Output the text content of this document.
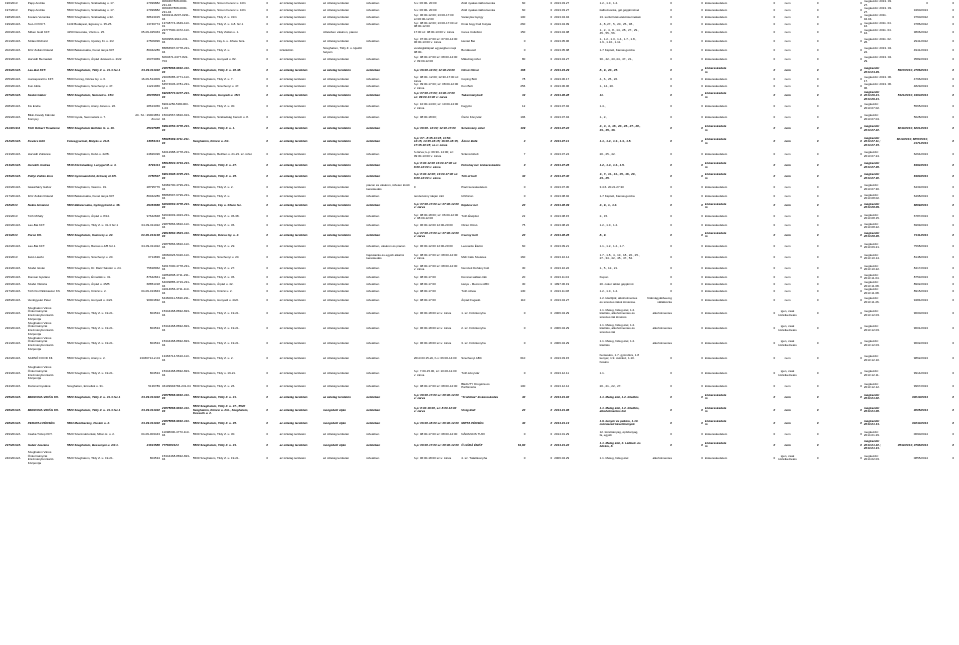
196/2013	Papp András	5500 Szeghalom, Szabadság u. 17.	27999882	0060467808-0000-231-04	5500 Szeghalom, Simon Ferenc u. 10/1	0	az üzletág területén	az üzletág területén	üzletében	h-v: 06:00- 20:00	Zöld nyakas italbozsonka	60	0	2013.03.27	1.2., 1.3., 1.4.	0	0	kiskereskedelem	0	nem	0	0	megkezdő: 2013. 03. 27.	0	0
197/2013	Papp András	5500 Szeghalom, Szabadság u. 17.	27999882	0060467808-0000-231-04	5500 Szeghalom, Simon Ferenc u. 10/1	0	az üzletág területén	az üzletág területén	üzletében	h-v: 06:00- 20:00	Zöld nyakas italbozsonka	60	0	2013.03.27	italbozsonka, gél gépjárművel	0	0	kiskereskedelem	0	nem	0	0	megkezdő: 2013. 03. 27.	3460/2013	0
198/2013/A	Kovács Veronika	5500 Szeghalom, Szabadság u.32.	68613015	6460211-8207-0231-04	5500 Szeghalom, Tildy Z. u. 31/1	0	az üzletág területén	az üzletág területén	üzletében	h-p: 06:00-12:00; 13:00-17:00 sz:06:00-12:00	Varanyka Gyógy	100	0	2013.04.04	13. soritól kisk.elektrotermékek	0	0	kiskereskedelem	0	nem	0	0	megkezdő: 2011. 04.04.	3760/2012	0
199/2013/A	Su-Li Df KFT.	1149 Budapest, Egressy u. 35-25.	13746774	13748774-4649-113-01	5500 Szeghalom, Tildy Z. u. 4-8. fsz.1	0	az üzletág területén	az üzletág területén	üzletében	h-p: 08:00-12:00; 13:00-17:00 sz: 08:00-12:00	Kínai bogy Fali Kutyás	260	0	2013.04.09	4., 8.,27., 5., 20., 25., 38.,	0	0	kiskereskedelem	0	nem	0	0	megkezdő: 2011. 04. 16.	3786/2012	0
200/2013/A	Silben Gold KFT.	4150 Derecske, Vörös u. 25.	05-09-025463	23777500-4472-113-09	5500 Szeghalom, Tildy Zoltán u. 1.	0	az üzletág területén	üzletében vásáron, piacon		17:00 sz: 08:00-13:00 v: zárva	Ceres Csiléfúró	150	0	2013.04.08	1., 2., 4., 8., 14., 28., 27., 29., 45., 55., 56.	0	0	kiskereskedelem	0	nem	0	0	megkezdő: 2011. 04. 16.	3806/2012	0
201/2013/A	Szilasi Richárd	5500 Szeghalom, Ujvéley Kt. u. 2/2	27509996	6060956-9910-231-04	5500 Szeghalom, Fáy A. u. 4/face fsza.	0	az üzletág területén	az üzletág területén	üzletében	h-p: 07:00-17:00 sz: 07:00-14:00 06:00-13:00 v: zárva	Hentel Bei	0	0	2013.05.06	1., 1.2., 1.3., 1.4., 1.7., 1.8., 1.9., 1.10., 1.11.	0	0	kiskereskedelem	0	nem	0	0	megkezdő: 2011. 02. 26.	2941/2012	0
202/2013/A	Fritz Zoltán Roland	5600 Békéscsaba, Kunel tanya 607	86042286	85866597-6778-231-04	5500 Szeghalom, Tildy Z. u.	0	üzletkötőn	Szeghalom, Tildy Z. u. kijelölt helyein		vendéglátóipari egységben napi 08:00-	Bordásuszi	0	0	2013.05.08	1-7 Képtelt, Kamat-gomba	0	0	kiskereskedelem	0	nem	0	0	megkezdő: 2013. 04. 22.	4941/2013	0
203/2013/A	Horváth Bernadett	5520 Szeghalom, Árpád Jutavaró u. 2/22	26373069	6064671-0477-822-704	5500 Szeghalom, Hunyadi u. 82.	0	az üzletág területén	az üzletág területén	üzletében	h-p: 08:00-17:00 sz: 08:00-14:00 v: 09:00-12:00	Mákvirág üzlet	80	0	2013.04.27	30., 42., 43.,44., 47., 21.,	0	0	kiskereskedelem	0	nem	0	0	megkezdő: 2013. 04. 29.	3582/2013	0
204/2013/A	Lau-Bat KFT.	5520 Szeghalom, Tildy Z. u. 31-3 fsz.1	04-09-011022	23875866-9810-113-04	5500 Szeghalom, Tildy Z. u. 36-38.	0	az üzletág területén	az üzletág területén	üzletében	h-p: 06:00-12:00; 12:00-20:00	Olcsó Olcsó	166	0	2013.04.29	8., 9., 20., 25.	0	0	kiskereskedelem	0	nem	0	0	megkezdő: 2013.04.29.	5907/2013; 2786/2013	0
205/2013/A	marcaporal.hu KFT.	5500 Korcsg, Dózsa Gy. u. 6.	16-09-514009	23045085-4771-113-16	5500 Szeghalom, Tildy Z. u. 7.	0	az üzletág területén	az üzletág területén	üzletében	h-p: 08:00- 12:00; 12:30-17:00 sz: zárva	Coping Bolt	78	0	2013.06.17	4., 6., 25., 26.	0	0	kiskereskedelem	0	nem	0	0	megkezdő: 2013. 06. 17.	4796/2013	0
206/2013/A	Kun Attila	5500 Szeghalom, Szechenyi u. 47.	11221966	64574636-4781-231-04	5500 Szeghalom, Szechenyi u. 47.	0	az üzletág területén	az üzletág területén	üzletében	h-p: 09:00-17:00; sz: 08:00-12:00 v: zárva	Kun Bolt	256	0	2013.06.06	1., 14., 20.	0	0	kiskereskedelem	0	nem	0	0	megkezdő: 2013. 06. 06.	4829/2013	0
207/2013/A	Szabó Gábor	5520 Szeghalom, Nemzeti u. 15/1	26079504	69206774-9477-231-04	5500 Szeghalom, Hunyadi u. 15/1	0	az üzletág területén	az üzletág területén	üzletében	h-p: 07:00-17:00; 14:00-17:00 sz: 09:00-13:00 v: zárva	Takarmánybolt	33	0	2013.06.28	11.	0	0	kiskereskedelem	0	nem	0	0	megkezdő: 2013.06.21. 2013.06.21.	5421/2013; 1963/2014	0
208/2013/A	Kis Endre	5500 Szeghalom, Arany János u. 26.	28613366	69011256-5361003-1-04	5500 Szeghalom, Tildy Z. u. 30.	0	az üzletág területén	az üzletág területén	üzletében	h-p: 10:00-14:00; sz: 10:00-14:00 v: zárva	Fagyizó	12	0	2013.07.02	1.4.,	0	0	kiskereskedelem	0	nem	0	0	megkezdő: 2013.07.02.	5565/2013	0
209/2013/A	Bikin-Favaly Kálmán Kornyey	5700 Gyula, Semmelwis u. 7.	Ah. Sz.: 29901854 Zrumz	15042567-9810-913-04	5500 Szeghalom, Szabadság Kanszt u. 8.	0	az üzletág területén	az üzletág területén	üzletében	h-p: 08:00-18:00;	Öszió Könyvtár	196	0	2013.07.04	1., 2.,	0	0	kiskereskedelem	0	nem	0	0	megkezdő: 2013.07.04.	5628/2013	0
211/2013/A	Tóth Róbert Tivadarné	5500 Szeghalom Bethlen G. u. 16.	25037885	69912054-4778-231-04	5500 Szeghalom, Tildy Z. u. 1.	0	az üzletág területén	az üzletág területén	üzletében	h-p: 08:00- 12:00; 12:30-17:00	Szivárvány üzlet	109	0	2013.07.22	2., 3., 4., 18., 20., 26., 27., 28., 43., 45., 46.	0	0	kiskereskedelem	0	nem	0	0	megkezdő: 2013.07.22.	6044/2013; 6201/2013	0
212/2013/A	Kovács Edit	Füzesgyarmat, Malyás u. 21/A	16654114	55905389-4711-231-04	Szeghalom, Kinizsi u. 2/1.	0	az üzletág területén	az üzletág területén	üzletében	h-p: 07:- 8:45-13:15, 11:50-12:15, 13:45-16:15; 16:00-18:15, 17:45-18:15; sz-v: zárva	Álomr Büfé	4	0	2013.07.11	1.1., 1.2., 1.3., 1.4., 1.5.	0	0	kiskereskedelem	0	nem	0	0	megkezdő: 2013.07.11.; 2013.07.15.	6013/2013; 6857/2013; 4171/2013	0
213/2013/A	Horváth Zoltánné	5500 Szeghalom, Dobó u. 22/B.	24826496	64012988-4778-231-04	5500 Szeghalom, Bethlen u. 21-23. sz. üzlet	0	az üzletág területén	az üzletág területén	üzletében	h-zárva; k-p: 09:30- 14:00; sz: 09:30-13:00 v: zárva	Számszóbolt	7	0	2013.07.24	20., 25., 42.	0	0	kiskereskedelem	0	nem	0	0	megkezdő: 2013.07.24.	6264/2013	0
214/2013/A	Horváth Andrea	5518 Kőrösladány, Lenygel M. u. 4.	6793114	65618803-4719-231-04	5500 Szeghalom, Tildy Z. u. 27.	0	az üzletág területén	az üzletág területén	üzletében	h-p: 8:00-12:00 14:00-17:00 sz: 8:00-12:00 v: zárva	Petruhaj üzl. kiskereskedés	0	0	2013.07.26	1.2., 1.3., 1.4., 1.5.	0	0	kiskereskedelem	0	nem	0	0	megkezdő: 2013.07.26.	6362/2013	0
215/2013/A	Püttyi Zoltán Imre	5500 Gyomaendrőd, Erőszaj út 4/5.	0750547	69014908-4725-231-04	5500 Szeghalom, Tildy Z. u. 35.	0	az üzletág területén	az üzletág területén	üzletében	h-p: 8:00-12:00; 13:00-17:00 sz: 8:00-12:00 v: zárva	Tóti ül bolt	30	0	2013.07.30	3., 7., 11., 14., 15., 18., 20., 24., 25.	0	0	kiskereskedelem	0	nem	0	0	megkezdő: 2013.07.30.	6380/2013	0
216/2013/A	Gásárházy Gábor	5500 Szeghalom, Vasút u. 19.	28795776	64982700-4799-231-04	5500 Szeghalom, Tildy Z. u. 2.	0	az üzletág területén	az üzletág területén	piacon és vásáron, üzleten kívüli kereskedés	0	Piaci kereskedelem	0	0	2013.07.30	3.4.6. 20.21.27.30	0	0	kiskereskedelem	0	nem	0	0	megkezdő: 2013.07.30.	6433/2013	0
217/2013/A	Fritz Zoltán Roland	5600 Békéscsaba, Kunel tanya 607	86042286	85866597-6799-231-04	5500 Szeghalom, Tildy Z. u.	0	az üzletág területén	az üzletág területén	üzletében	rendezvény idején zárt	Ichthicon	0	0	2013.08.02	1-7 Képtelt, Kamat-gomba	0	0	kiskereskedelem	0	nem	0	0	megkezdő: 2013.08.02.	6498/2013	0
218/2013	Nokia Istvánné	5600 Békéscsaba, Gyöngyösöd u. 46.	29464666	62000083-4778-231-04	5500 Szeghalom, Fáy u. 4/face fsz.	0	az üzletág területén	az üzletág területén	üzletében	h-p: 07:00-17:00 sz: 07:00-12:00 v: zárva	Ibiplusz üzl.	20	0	2013.08.09	2., 9., 1., 1.4.	0	0	kiskereskedelem	0	nem	0	0	megkezdő: 2013.08.09.	6669/2013	0
219/2013	Tóth Mihály	5500 Szeghalom, Árpád u. 8/12.	97642848	62643003-4023-231-04	5500 Szeghalom, Tildy Z. u. 36-38.	0	az üzletág területén	az üzletág területén	üzletében	h-p: 08:00-18:00; sz: 06:00-12:00 v: 08:00-12:00	Tóth Ételpilot	22	0	2013.08.15	2., 15.	0	0	kiskereskedelem	0	nem	0	0	megkezdő: 2013.08.15.	6787/2013	0
220/2013/A	Lau-Bat KFT.	5500 Szeghalom, Tildy Z. u. 31-3 fsz.1	04-09-011022	23875866-9810-113-04	5500 Szeghalom, Tildy Z. u. 36.	0	az üzletág területén	az üzletág területén	üzletében	h-p: 06:00-12:00 12:00-20:00	Olcsó Olcsó	75	0	2013.08.22	1.2., 1.3., 1.4.	0	0	kiskereskedelem	0	nem	0	0	megkezdő: 2013.08.22.	6999/2013	0
221/2013	Poroz Kft.	5520 Szeghalom, Kazinczy u. 22.	04-09-014148	29616882-4523-113-04	5500 Szeghalom, Dózsa Gy. u. 2.	0	az üzletág területén	az üzletág területén	üzletében	h-p: 07:00-17:00 sz: 07:00-12:00 v: zárva	Cserny bolt	20	0	2013.08.26	8., 9.	0	0	kiskereskedelem	0	nem	0	0	megkezdő: 2013.08.26.	7141/2013	0
222/2013/A	Lau-Bat KFT.	5500 Szeghalom, Baross u.4/B fsz.1	04-09-011022	23875866-9810-113-04	5500 Szeghalom, Tildy Z. u. 29.	0	az üzletág területén	az üzletág területén	üzletében, vásáron és piacon	h-p: 06:00-12:00 12:00-20:00	Leonardo Élelmi	60	0	2013.09.21	1.1., 1.2., 1.4., 1.7.	0	0	kiskereskedelem	0	nem	0	0	megkezdő: 2013.09.21.	7568/2013	0
223/2013	Fekó László	5500 Szeghalom, Szechenyi u. 20.	0714836	46660026-5420-113-04	5500 Szeghalom, Szechenyi u. 20.	0	az üzletág területén	az üzletág területén	hajóutazás és egyéb alkalmi kereskedés	h-p: 08:00-17:00 sz: 08:00-12:00 v: zárva	Midi Cafe Szeletes	160	0	2013.10.14	1.7., 1.8., 4., 13., 18., 20., 25., 27., 34., 42., 45., 47., 52.	0	0	kiskereskedelem	0	nem	0	0	megkezdő: 2013.10.14.	8148/2013	0
224/2013/A	Szabó István	5500 Szeghalom, Dr. Rácz Sándor u. 24.	75818962	62617000-4778-231-04	5500 Szeghalom, Tildy Z. u. 27.	0	az üzletág területén	az üzletág területén	üzletében	h-p: 08:00-17:00 sz: 08:00-12:00 v: zárva	Nemzeti Dohány bolt	30	0	2013.10.22	1., 5., 12., 21.	0	0	kiskereskedelem	0	nem	0	0	megkezdő: 2013.10.22.	8417/2013	0
225/2013/A	Domsai Gyuláné	5500 Szeghalom, Érmellék u. 31.	87642841	42862808-4711-231-04	5500 Szeghalom, Tildy Z. u. 36.	0	az üzletág területén	az üzletág területén	üzletében	h-p: 08:00-17:00	Domnai sallási cikk	20	0	2013.11.04	Kupon	0	0	kiskereskedelem	0	nem	0	0	megkezdő: 2013.11.04.	8753/2013	0
226/2013/A	Szabó Viktória	5500 Szeghalom, Árpád u. 45/B	68851318	64009885-4719-231-04	5500 Szeghalom, Árpád u. 42.	0	az üzletág területén	az üzletág területén	üzletében	h-p: 08:00-17:00	Hetye - Mezonu ABC	30	0	1997.06.19	20. cukor tablet gépjármű	0	0	kiskereskedelem	0	nem	0	0	megkezdő: 2013.11.08.	8902/2013	0
227/2013/A	Tóth Kis Pálinkaszer Kft.	5520 Szeghalom, Kinizsi u. 2.	04-09-013843	42014656-4711-113-04	5500 Szeghalom, Kinizsi u. 2.	0	az üzletág területén	az üzletág területén	üzletében	h-p: 08:00-17:00	Tóth üzlete	130	0	2013.11.08	1.2., 1.3., 1.4.	0	0	kiskereskedelem	0	nem	0	0	megkezdő: 2013.11.08.	8915/2013	0
228/2013/A	Venkigyelet Péter	5520 Szeghalom, Hunyadi u. 44/2.	90901832	64460011-5630-231-04	5500 Szeghalom, Hunyadi u. 44/2.	0	az üzletág területén	az üzletág területén	üzletében	h-p: 08:00-17:00	Árpád Fogadó	110	0	2013.04.27	1.2. kitelítjük; alkoholmentes és szeszes italok kimérése	fôtárvágyákbeemg vállalkozás	0	kiskereskedelem	0	nem	0	0	megkezdő: 2013.11.26.	9484/2013	0
229/2013/A	Szeghalom Város Önkormányzat Intézményfenntartó Központja	5520 Szeghalom, Tildy Z. u. 19-21.	804534	15344468-8832-823-04	5500 Szeghalom, Tildy Z. u. 19-21.	0	az üzletág területén	az üzletág területén	üzletében	h-p: 06:00-18:00 sz-v: zárva	1. sz. Főzőkonyha	0	0	2006.04.29	1.1. Meleg, hideg étel, 1.2. kitelítés, alkoholmentes és szeszes ital kimérés	alkoholmentes	0	kiskereskedelem	0	igen, csak közétkeztetés	0	0	megkezdő: 2013.12.03.	9600/2013	0
230/2013/A	Szeghalom Város Önkormányzat Intézményfenntartó Központja	5520 Szeghalom, Tildy Z. u. 19-21.	804534	15344468-8832-823-04	5500 Szeghalom, Tildy Z. u. 19-21.	0	az üzletág területén	az üzletág területén	üzletében	h-p: 06:00-18:00 sz-v: zárva	2. sz. Főzőkonyha	0	0	2006.04.29	1.1. Meleg, hideg étel, 1.2. kitelítés, alkoholmentes és szeszes ital	alkoholmentes	0	kiskereskedelem	0	igen, csak közétkeztetés	0	0	megkezdő: 2013.12.03.	9601/2013	0
231/2013/A	Szeghalom Város Önkormányzat Intézményfenntartó Központja	5520 Szeghalom, Tildy Z. u. 19-21.	804534	15344468-8832-823-04	5500 Szeghalom, Tildy Z. u. 19-21.	0	az üzletág területén	az üzletág területén	üzletében	h-p: 06:00-18:00 sz-v: zárva	3. sz. Főzőkonyha	0	0	2006.04.29	1.1. Meleg, hideg étel, 1.2. kitelítés	alkoholmentes	0	kiskereskedelem	0	igen, csak közétkeztetés	0	0	megkezdő: 2013.12.03.	9602/2013	0
232/2013/A	SARNÓ FOOD Kft.	5500 Szeghalom, Arany u. 2.	13466714-2-04	13466714-5610-113-04	5500 Szeghalom, Tildy Z. u. 2.	0	az üzletág területén	az üzletág területén	üzletében	2013.03.15-től, h-v: 06:00-14:00	Szechenyi ABC	610	0	2013.03.15	hentesáru, 1.7. gyümölcs, 1.8 kenyér, 1.9. cukrász, 1.10. húsáru	0	0	kiskereskedelem	0	nem	0	0	megkezdő: 2013.12.10.	9862/2013	0
233/2013/A	Szeghalom Város Önkormányzat Intézményfenntartó Központja	5520 Szeghalom, Tildy Z. u. 19-21.	804534	15344468-8832-823-04	5500 Szeghalom, Tildy u. 19-21.	0	az üzletág területén	az üzletág területén	üzletében	h-p: 7.00-15.00, sz: 10.00-12.00 v: zárva	Tóth könyvtár	0	0	2013.12.11	1.1.	0	0	kiskereskedelem	0	igen, csak közétkeztetés	0	0	megkezdő: 2013.12.11.	9914/2013	0
234/2013/A	Dozsnai Gyuláné	Szeghalom, Ermellék u. 31.	5136789	46109994784-231-04	5500 Szeghalom, Tildy Z. u. 26.	0	az üzletág területén	az üzletág területén	üzletében	h-p: 08:00-17:00 sz: 08:00-12:00	BEAUTY Drogéria és Parfüméria	100	0	2013.12.12	20., 21., 22., 27.	0	0	kiskereskedelem	0	nem	0	0	megkezdő: 2013.12.12.	9967/2013	0
235/2014/A	MEDICINA-VIRÁG Kft.	5520 Szeghalom, Tildy Z. u. 31-3 fsz.1	04-09-011022	23875866-9810-113-04	5500 Szeghalom, Tildy Z. u. 31.	0	az üzletág területén	az üzletág területén	üzletében	h-p: 08:00-17:00 sz: 08:00-12:00 v: zárva	"Frohbláe" kiskereskedés	40	0	2014.01.02	1.1. Meleg étel, 1.2. kitelítés	0	0	kiskereskedelem	0	nem	0	0	megkezdő: 2014.01.02.	00010/2014	0
236/2014/A	MEDICINA-VIRÁG Kft.	5520 Szeghalom, Tildy Z. u. 31-3 fsz.1	04-09-011022	23875866-9810-113-04	5500 Szeghalom, Tildy Z. u. 37., 5520 Szeghalom, Kinizsi u. 2/A., Szeghalom, Kossuth u. 2.	0	az üzletág területén	mozgóbolt útján	üzletében	h-p: 8:00-18:00, sz: 8:00-12:00 v: zárva	Virág Bolt	20	0	2014.01.06	1.1. Meleg étel, 1.2. kitelítés, alkoholmentes ital	0	0	kiskereskedelem	0	nem	0	0	megkezdő: 2014.01.06.	0005/2014	0
238/2014/A	PERATAJ-PÉKSÉG	5694 Mezőberény, Puskin u. 2.	04-09-011022	23875866-9810-113-04	5500 Szeghalom, Tildy Z. u. 35.	0	az üzletág területén	mozgóbolt útján	üzletében	h-p: 06:00-18:00 sz: 06:00-12:00	MIPTA PÉKSÉG	40	0	2014.01.13	1.9. kenyér és pékáru, 1.10. cukrászati készítmények	0	0	kiskereskedelem	0	nem	0	0	megkezdő: 2014.01.13.	00234/2014	0
239/2014/A	Csaba Tüzép KFT.	5520 Szentmártonkát, Milon H. u. 2.	04-09-003443	11098300-4773-113-04	5500 Szeghalom, Tildy Z. u. 30.	0	az üzletág területén	az üzletág területén	üzletében	h-p: 08:00-17:00 sz: 08:00-12:00	NÁRANCIS TURI	0	0	2014.01.29	12. tüzelőanyag, építőanyag, fa, egyéb	0	0	kiskereskedelem	0	nem	0	0	megkezdő: 2014.01.29.	0690/2014	0
237/2014/A	Gabol Juszéna	5520 Szeghalom, Bessenyei u. 2/2.1.	21831586	7778000124	5500 Szeghalom, Tildy Z. u. 33.	0	az üzletág területén	mozgóbolt útján	üzletében	h-p: 08:00-17:00 sz: 08:00-12:00	Ő HÁRÁ ÉMÁT	61,80	0	2014.01.22	1.1. Meleg étel, 4. Lábbeli- és bőráru, 8.	0	0	kiskereskedelem	0	nem	0	0	megkezdő: 2014.01.22.; 2014.01.31.	0532/2014; 0798/2014	0
240/2014/A	Szeghalom Város Önkormányzat Intézményfenntartó Központja	5520 Szeghalom, Tildy Z. u. 19-21.	804534	15344468-8832-823-04	5500 Szeghalom, Tildy Z. u. 19-21.	0	az üzletág területén	az üzletág területén	üzletében	h-p: 06:00-18:00 sz-v: zárva	4. sz. Tálalókonyha	0	0	2006.04.29	1.1. Meleg, hideg étel	alkoholmentes	0	kiskereskedelem	0	igen, csak közétkeztetés	0	0	megkezdő: 2014.02.03.	0855/2014	0
